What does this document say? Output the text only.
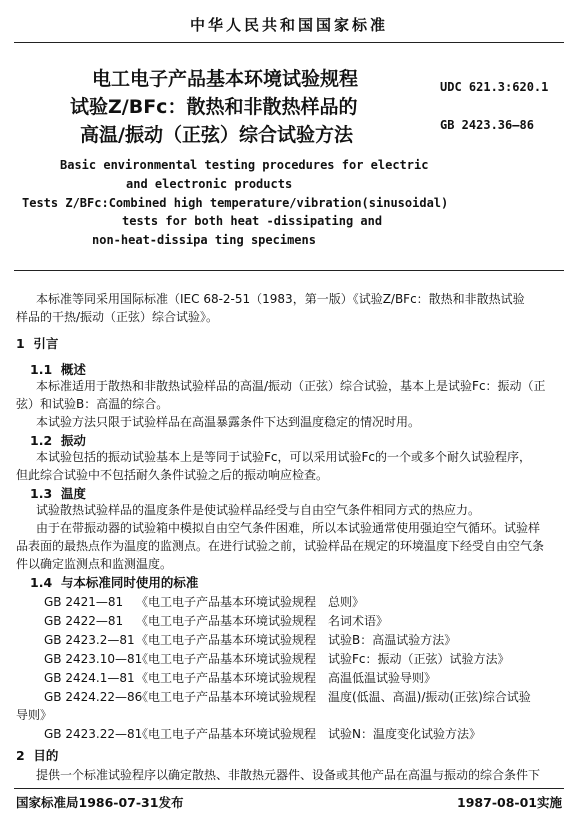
中华人民共和国国家标准
电工电子产品基本环境试验规程
试验Z/BFc：散热和非散热样品的
高温/振动（正弦）综合试验方法
UDC 621.3:620.1
GB 2423.36—86
Basic environmental testing procedures for electric
and electronic products
Tests Z/BFc:Combined high temperature/vibration(sinusoidal)
tests for both heat -dissipating and
non-heat-dissipa ting specimens
本标准等同采用国际标准（IEC 68-2-51（1983，第一版）《试验Z/BFc：散热和非散热试验
样品的干热/振动（正弦）综合试验》。
1 引言
1.1 概述
本标准适用于散热和非散热试验样品的高温/振动（正弦）综合试验，基本上是试验Fc：振动（正
弦）和试验B：高温的综合。
本试验方法只限于试验样品在高温暴露条件下达到温度稳定的情况时用。
1.2 振动
本试验包括的振动试验基本上是等同于试验Fc，可以采用试验Fc的一个或多个耐久试验程序，
但此综合试验中不包括耐久条件试验之后的振动响应检查。
1.3 温度
试验散热试验样品的温度条件是使试验样品经受与自由空气条件相同方式的热应力。
由于在带振动器的试验箱中模拟自由空气条件困难，所以本试验通常使用强迫空气循环。试验样
品表面的最热点作为温度的监测点。在进行试验之前，试验样品在规定的环境温度下经受自由空气条
件以确定监测点和监测温度。
1.4 与本标准同时使用的标准
GB 2421—81 《电工电子产品基本环境试验规程　总则》
GB 2422—81 《电工电子产品基本环境试验规程　名词术语》
GB 2423.2—81《电工电子产品基本环境试验规程　试验B：高温试验方法》
GB 2423.10—81《电工电子产品基本环境试验规程　试验Fc：振动（正弦）试验方法》
GB 2424.1—81《电工电子产品基本环境试验规程　高温低温试验导则》
GB 2424.22—86《电工电子产品基本环境试验规程　温度(低温、高温)/振动(正弦)综合试验
导则》
GB 2423.22—81《电工电子产品基本环境试验规程　试验N：温度变化试验方法》
2 目的
提供一个标准试验程序以确定散热、非散热元器件、设备或其他产品在高温与振动的综合条件下
国家标准局1986-07-31发布	1987-08-01实施
